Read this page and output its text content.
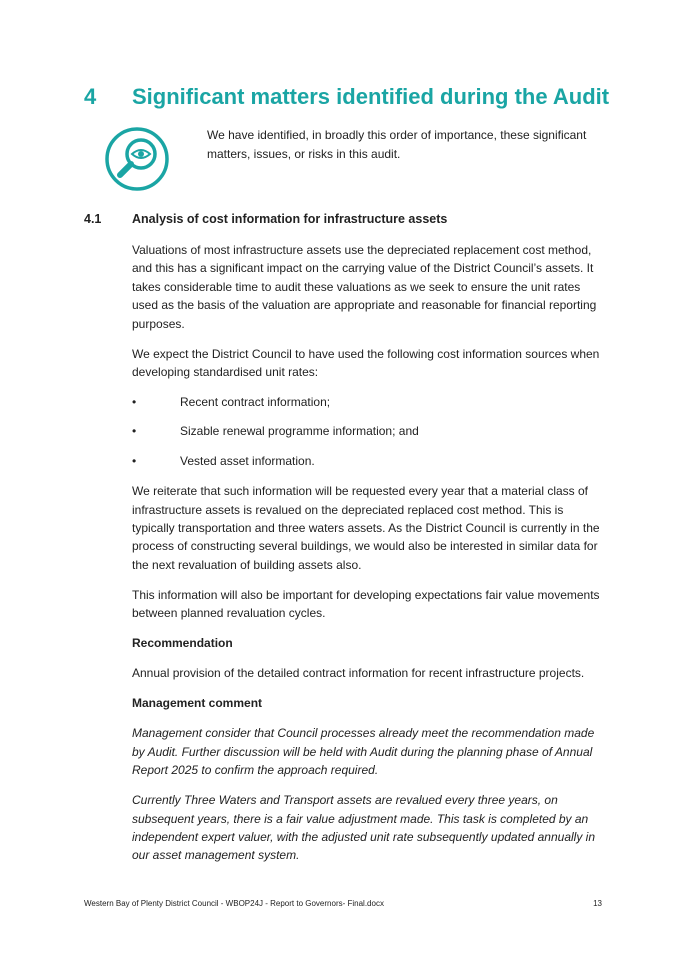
4 Significant matters identified during the Audit
We have identified, in broadly this order of importance, these significant matters, issues, or risks in this audit.
4.1 Analysis of cost information for infrastructure assets

Valuations of most infrastructure assets use the depreciated replacement cost method, and this has a significant impact on the carrying value of the District Council’s assets. It takes considerable time to audit these valuations as we seek to ensure the unit rates used as the basis of the valuation are appropriate and reasonable for financial reporting purposes.

We expect the District Council to have used the following cost information sources when developing standardised unit rates:

•	Recent contract information;
•	Sizable renewal programme information; and
•	Vested asset information.

We reiterate that such information will be requested every year that a material class of infrastructure assets is revalued on the depreciated replaced cost method. This is typically transportation and three waters assets. As the District Council is currently in the process of constructing several buildings, we would also be interested in similar data for the next revaluation of building assets also.

This information will also be important for developing expectations fair value movements between planned revaluation cycles.

Recommendation

Annual provision of the detailed contract information for recent infrastructure projects.

Management comment

Management consider that Council processes already meet the recommendation made by Audit. Further discussion will be held with Audit during the planning phase of Annual Report 2025 to confirm the approach required.

Currently Three Waters and Transport assets are revalued every three years, on subsequent years, there is a fair value adjustment made. This task is completed by an independent expert valuer, with the adjusted unit rate subsequently updated annually in our asset management system.

Western Bay of Plenty District Council - WBOP24J - Report to Governors- Final.docx	13
